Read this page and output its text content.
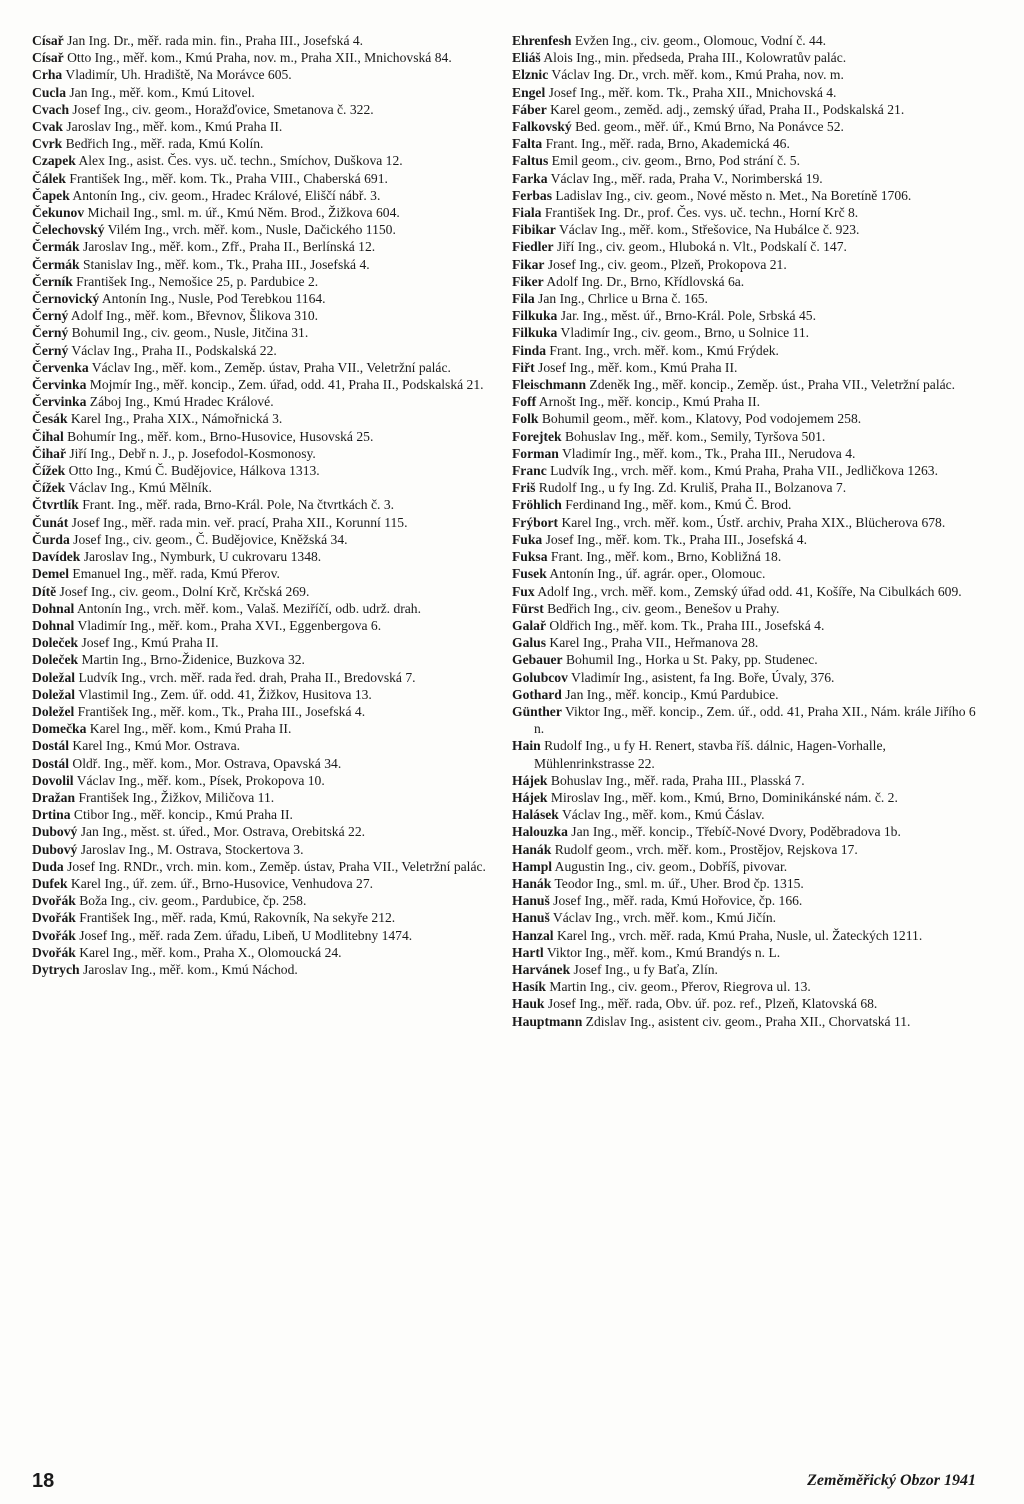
Císař Jan Ing. Dr., měř. rada min. fin., Praha III., Josefská 4.

Císař Otto Ing., měř. kom., Kmú Praha, nov. m., Praha XII., Mnichovská 84.

Crha Vladimír, Uh. Hradiště, Na Morávce 605.

Cucla Jan Ing., měř. kom., Kmú Litovel.

Cvach Josef Ing., civ. geom., Horažďovice, Smetanova č. 322.

Cvak Jaroslav Ing., měř. kom., Kmú Praha II.

Cvrk Bedřich Ing., měř. rada, Kmú Kolín.

Czapek Alex Ing., asist. Čes. vys. uč. techn., Smíchov, Duškova 12.

Čálek František Ing., měř. kom. Tk., Praha VIII., Chaberská 691.

Čapek Antonín Ing., civ. geom., Hradec Králové, Eliščí nábř. 3.

Čekunov Michail Ing., sml. m. úř., Kmú Něm. Brod., Žižkova 604.

Čelechovský Vilém Ing., vrch. měř. kom., Nusle, Dačického 1150.

Čermák Jaroslav Ing., měř. kom., Zfř., Praha II., Berlínská 12.

Čermák Stanislav Ing., měř. kom., Tk., Praha III., Josefská 4.

Černík František Ing., Nemošice 25, p. Pardubice 2.

Černovický Antonín Ing., Nusle, Pod Terebkou 1164.

Černý Adolf Ing., měř. kom., Břevnov, Šlikova 310.

Černý Bohumil Ing., civ. geom., Nusle, Jitčina 31.

Černý Václav Ing., Praha II., Podskalská 22.

Červenka Václav Ing., měř. kom., Zeměp. ústav, Praha VII., Veletržní palác.

Červinka Mojmír Ing., měř. koncip., Zem. úřad, odd. 41, Praha II., Podskalská 21.

Červinka Záboj Ing., Kmú Hradec Králové.

Česák Karel Ing., Praha XIX., Námořnická 3.

Čihal Bohumír Ing., měř. kom., Brno-Husovice, Husovská 25.

Čihař Jiří Ing., Debř n. J., p. Josefodol-Kosmonosy.

Čížek Otto Ing., Kmú Č. Budějovice, Hálkova 1313.

Čížek Václav Ing., Kmú Mělník.

Čtvrtlík Frant. Ing., měř. rada, Brno-Král. Pole, Na čtvrtkách č. 3.

Čunát Josef Ing., měř. rada min. veř. prací, Praha XII., Korunní 115.

Čurda Josef Ing., civ. geom., Č. Budějovice, Kněžská 34.

Davídek Jaroslav Ing., Nymburk, U cukrovaru 1348.

Demel Emanuel Ing., měř. rada, Kmú Přerov.

Dítě Josef Ing., civ. geom., Dolní Krč, Krčská 269.

Dohnal Antonín Ing., vrch. měř. kom., Valaš. Meziříčí, odb. udrž. drah.

Dohnal Vladimír Ing., měř. kom., Praha XVI., Eggenbergova 6.

Doleček Josef Ing., Kmú Praha II.

Doleček Martin Ing., Brno-Židenice, Buzkova 32.

Doležal Ludvík Ing., vrch. měř. rada řed. drah, Praha II., Bredovská 7.

Doležal Vlastimil Ing., Zem. úř. odd. 41, Žižkov, Husitova 13.

Doležel František Ing., měř. kom., Tk., Praha III., Josefská 4.

Domečka Karel Ing., měř. kom., Kmú Praha II.

Dostál Karel Ing., Kmú Mor. Ostrava.

Dostál Oldř. Ing., měř. kom., Mor. Ostrava, Opavská 34.

Dovolil Václav Ing., měř. kom., Písek, Prokopova 10.

Dražan František Ing., Žižkov, Miličova 11.

Drtina Ctibor Ing., měř. koncip., Kmú Praha II.

Dubový Jan Ing., měst. st. úřed., Mor. Ostrava, Orebitská 22.

Dubový Jaroslav Ing., M. Ostrava, Stockertova 3.

Duda Josef Ing. RNDr., vrch. min. kom., Zeměp. ústav, Praha VII., Veletržní palác.

Dufek Karel Ing., úř. zem. úř., Brno-Husovice, Venhudova 27.

Dvořák Boža Ing., civ. geom., Pardubice, čp. 258.

Dvořák František Ing., měř. rada, Kmú, Rakovník, Na sekyře 212.

Dvořák Josef Ing., měř. rada Zem. úřadu, Libeň, U Modlitebny 1474.

Dvořák Karel Ing., měř. kom., Praha X., Olomoucká 24.

Dytrych Jaroslav Ing., měř. kom., Kmú Náchod.

Ehrenfesh Evžen Ing., civ. geom., Olomouc, Vodní č. 44.

Eliáš Alois Ing., min. předseda, Praha III., Kolowratův palác.

Elznic Václav Ing. Dr., vrch. měř. kom., Kmú Praha, nov. m.

Engel Josef Ing., měř. kom. Tk., Praha XII., Mnichovská 4.

Fáber Karel geom., zeměd. adj., zemský úřad, Praha II., Podskalská 21.

Falkovský Bed. geom., měř. úř., Kmú Brno, Na Ponávce 52.

Falta Frant. Ing., měř. rada, Brno, Akademická 46.

Faltus Emil geom., civ. geom., Brno, Pod strání č. 5.

Farka Václav Ing., měř. rada, Praha V., Norimberská 19.

Ferbas Ladislav Ing., civ. geom., Nové město n. Met., Na Boretíně 1706.

Fiala František Ing. Dr., prof. Čes. vys. uč. techn., Horní Krč 8.

Fibikar Václav Ing., měř. kom., Střešovice, Na Hubálce č. 923.

Fiedler Jiří Ing., civ. geom., Hluboká n. Vlt., Podskalí č. 147.

Fikar Josef Ing., civ. geom., Plzeň, Prokopova 21.

Fiker Adolf Ing. Dr., Brno, Křídlovská 6a.

Fila Jan Ing., Chrlice u Brna č. 165.

Filkuka Jar. Ing., měst. úř., Brno-Král. Pole, Srbská 45.

Filkuka Vladimír Ing., civ. geom., Brno, u Solnice 11.

Finda Frant. Ing., vrch. měř. kom., Kmú Frýdek.

Fiřt Josef Ing., měř. kom., Kmú Praha II.

Fleischmann Zdeněk Ing., měř. koncip., Zeměp. úst., Praha VII., Veletržní palác.

Foff Arnošt Ing., měř. koncip., Kmú Praha II.

Folk Bohumil geom., měř. kom., Klatovy, Pod vodojemem 258.

Forejtek Bohuslav Ing., měř. kom., Semily, Tyršova 501.

Forman Vladimír Ing., měř. kom., Tk., Praha III., Nerudova 4.

Franc Ludvík Ing., vrch. měř. kom., Kmú Praha, Praha VII., Jedličkova 1263.

Friš Rudolf Ing., u fy Ing. Zd. Kruliš, Praha II., Bolzanova 7.

Fröhlich Ferdinand Ing., měř. kom., Kmú Č. Brod.

Frýbort Karel Ing., vrch. měř. kom., Ústř. archiv, Praha XIX., Blücherova 678.

Fuka Josef Ing., měř. kom. Tk., Praha III., Josefská 4.

Fuksa Frant. Ing., měř. kom., Brno, Kobližná 18.

Fusek Antonín Ing., úř. agrár. oper., Olomouc.

Fux Adolf Ing., vrch. měř. kom., Zemský úřad odd. 41, Košíře, Na Cibulkách 609.

Fürst Bedřich Ing., civ. geom., Benešov u Prahy.

Galař Oldřich Ing., měř. kom. Tk., Praha III., Josefská 4.

Galus Karel Ing., Praha VII., Heřmanova 28.

Gebauer Bohumil Ing., Horka u St. Paky, pp. Studenec.

Golubcov Vladimír Ing., asistent, fa Ing. Boře, Úvaly, 376.

Gothard Jan Ing., měř. koncip., Kmú Pardubice.

Günther Viktor Ing., měř. koncip., Zem. úř., odd. 41, Praha XII., Nám. krále Jiřího 6 n.

Hain Rudolf Ing., u fy H. Renert, stavba říš. dálnic, Hagen-Vorhalle, Mühlenrinkstrasse 22.

Hájek Bohuslav Ing., měř. rada, Praha III., Plasská 7.

Hájek Miroslav Ing., měř. kom., Kmú, Brno, Dominikánské nám. č. 2.

Halásek Václav Ing., měř. kom., Kmú Čáslav.

Halouzka Jan Ing., měř. koncip., Třebíč-Nové Dvory, Poděbradova 1b.

Hanák Rudolf geom., vrch. měř. kom., Prostějov, Rejskova 17.

Hampl Augustin Ing., civ. geom., Dobříš, pivovar.

Hanák Teodor Ing., sml. m. úř., Uher. Brod čp. 1315.

Hanuš Josef Ing., měř. rada, Kmú Hořovice, čp. 166.

Hanuš Václav Ing., vrch. měř. kom., Kmú Jičín.

Hanzal Karel Ing., vrch. měř. rada, Kmú Praha, Nusle, ul. Žateckých 1211.

Hartl Viktor Ing., měř. kom., Kmú Brandýs n. L.

Harvánek Josef Ing., u fy Baťa, Zlín.

Hasík Martin Ing., civ. geom., Přerov, Riegrova ul. 13.

Hauk Josef Ing., měř. rada, Obv. úř. poz. ref., Plzeň, Klatovská 68.

Hauptmann Zdislav Ing., asistent civ. geom., Praha XII., Chorvatská 11.

18	Zeměměřický Obzor 1941
